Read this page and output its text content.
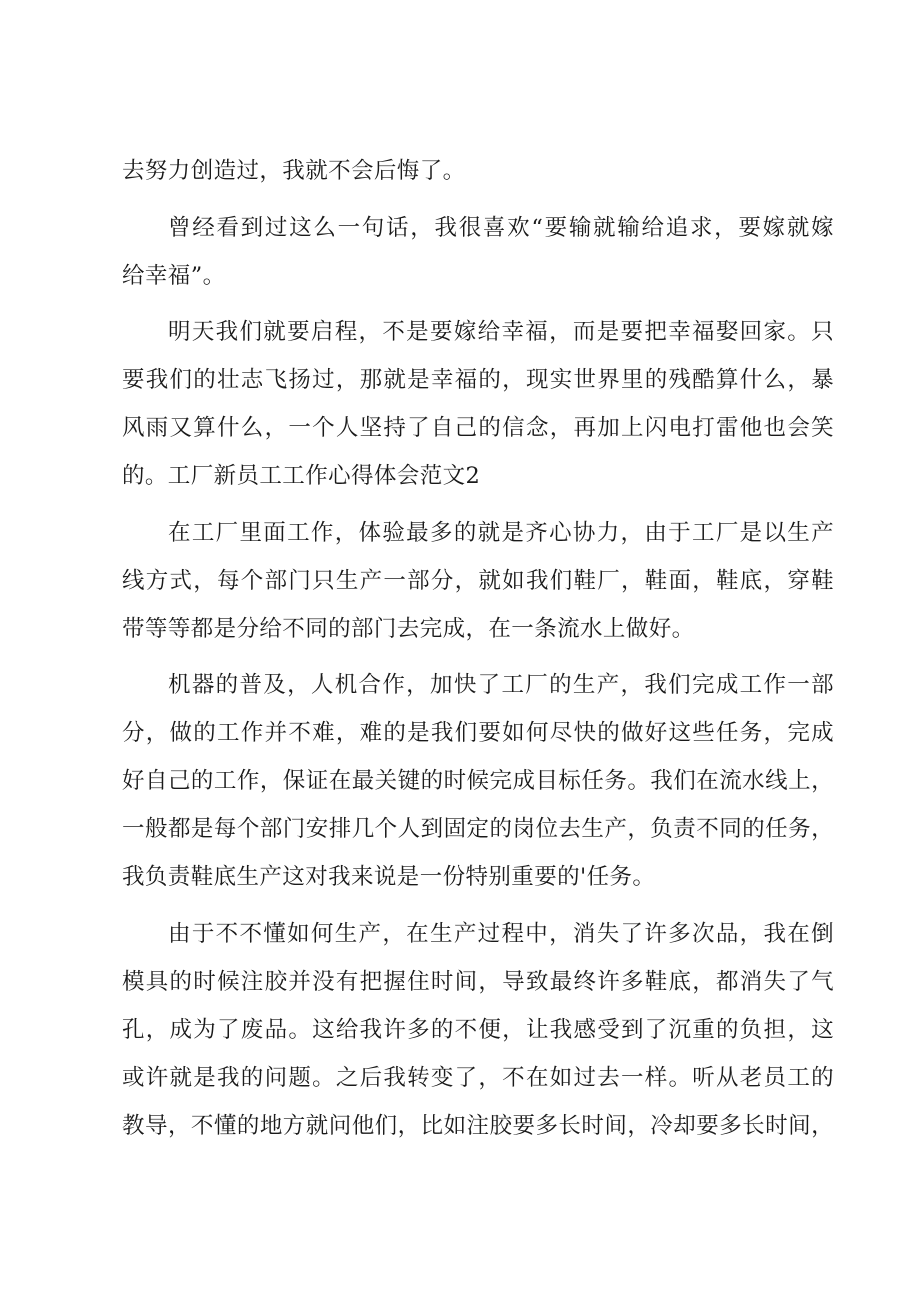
去努力创造过，我就不会后悔了。
曾经看到过这么一句话，我很喜欢“要输就输给追求，要嫁就嫁
给幸福”。
明天我们就要启程，不是要嫁给幸福，而是要把幸福娶回家。只
要我们的壮志飞扬过，那就是幸福的，现实世界里的残酷算什么，暴
风雨又算什么，一个人坚持了自己的信念，再加上闪电打雷他也会笑
的。工厂新员工工作心得体会范文2
在工厂里面工作，体验最多的就是齐心协力，由于工厂是以生产
线方式，每个部门只生产一部分，就如我们鞋厂，鞋面，鞋底，穿鞋
带等等都是分给不同的部门去完成，在一条流水上做好。
机器的普及，人机合作，加快了工厂的生产，我们完成工作一部
分，做的工作并不难，难的是我们要如何尽快的做好这些任务，完成
好自己的工作，保证在最关键的时候完成目标任务。我们在流水线上，
一般都是每个部门安排几个人到固定的岗位去生产，负责不同的任务，
我负责鞋底生产这对我来说是一份特别重要的'任务。
由于不不懂如何生产，在生产过程中，消失了许多次品，我在倒
模具的时候注胶并没有把握住时间，导致最终许多鞋底，都消失了气
孔，成为了废品。这给我许多的不便，让我感受到了沉重的负担，这
或许就是我的问题。之后我转变了，不在如过去一样。听从老员工的
教导，不懂的地方就问他们，比如注胶要多长时间，冷却要多长时间，
